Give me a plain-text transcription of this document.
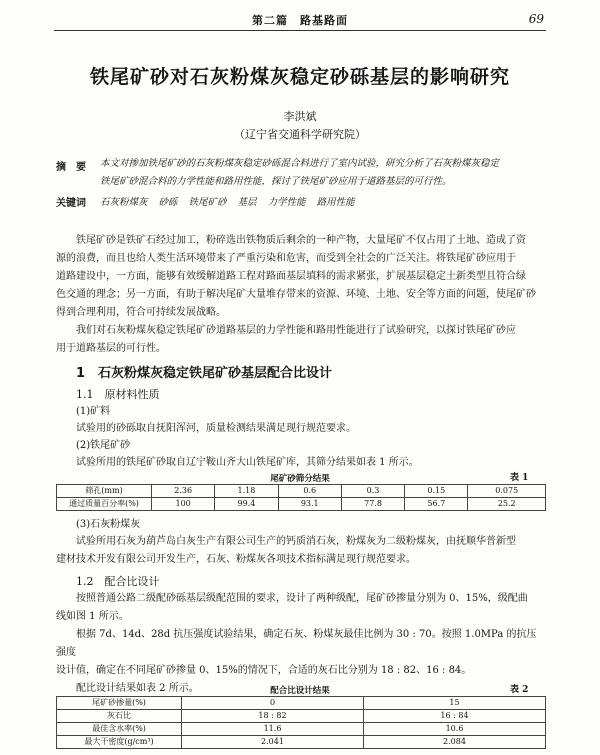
第二篇　路基路面	69
铁尾矿砂对石灰粉煤灰稳定砂砾基层的影响研究
李洪斌
（辽宁省交通科学研究院）
摘　要 本文对掺加铁尾矿砂的石灰粉煤灰稳定砂砾混合料进行了室内试验，研究分析了石灰粉煤灰稳定
铁尾矿砂混合料的力学性能和路用性能，探讨了铁尾矿砂应用于道路基层的可行性。
关键词 石灰粉煤灰 砂砾 铁尾矿砂 基层 力学性能 路用性能
铁尾矿砂是铁矿石经过加工，粉碎选出铁物质后剩余的一种产物，大量尾矿不仅占用了土地、造成了资
源的浪费，而且也给人类生活环境带来了严重污染和危害，而受到全社会的广泛关注。将铁尾矿砂应用于
道路建设中，一方面，能够有效缓解道路工程对路面基层填料的需求紧张，扩展基层稳定土新类型且符合绿
色交通的理念；另一方面，有助于解决尾矿大量堆存带来的资源、环境、土地、安全等方面的问题，使尾矿砂
得到合理利用，符合可持续发展战略。
我们对石灰粉煤灰稳定铁尾矿砂道路基层的力学性能和路用性能进行了试验研究，以探讨铁尾矿砂应
用于道路基层的可行性。
1　石灰粉煤灰稳定铁尾矿砂基层配合比设计
1.1　原材料性质
(1)矿料
试验用的砂砾取自抚阳浑河，质量检测结果满足现行规范要求。
(2)铁尾矿砂
试验所用的铁尾矿砂取自辽宁鞍山齐大山铁尾矿库，其筛分结果如表 1 所示。
尾矿砂筛分结果	表 1
筛孔(mm)	2.36	1.18	0.6	0.3	0.15	0.075
通过质量百分率(%)	100	99.4	93.1	77.8	56.7	25.2
(3)石灰粉煤灰
试验所用石灰为葫芦岛白灰生产有限公司生产的钙质消石灰，粉煤灰为二级粉煤灰，由抚顺华普新型
建材技术开发有限公司开发生产，石灰、粉煤灰各项技术指标满足现行规范要求。
1.2　配合比设计
按照普通公路二级配砂砾基层级配范围的要求，设计了两种级配，尾矿砂掺量分别为 0、15%，级配曲
线如图 1 所示。
根据 7d、14d、28d 抗压强度试验结果，确定石灰、粉煤灰最佳比例为 30 : 70。按照 1.0MPa 的抗压强度
设计值，确定在不同尾矿砂掺量 0、15%的情况下，合适的灰石比分别为 18 : 82、16 : 84。
配比设计结果如表 2 所示。	配合比设计结果	表 2
尾矿砂掺量(%)	0	15
灰石比	18 : 82	16 : 84
最佳含水率(%)	11.6	10.6
最大干密度(g/cm³)	2.041	2.084
